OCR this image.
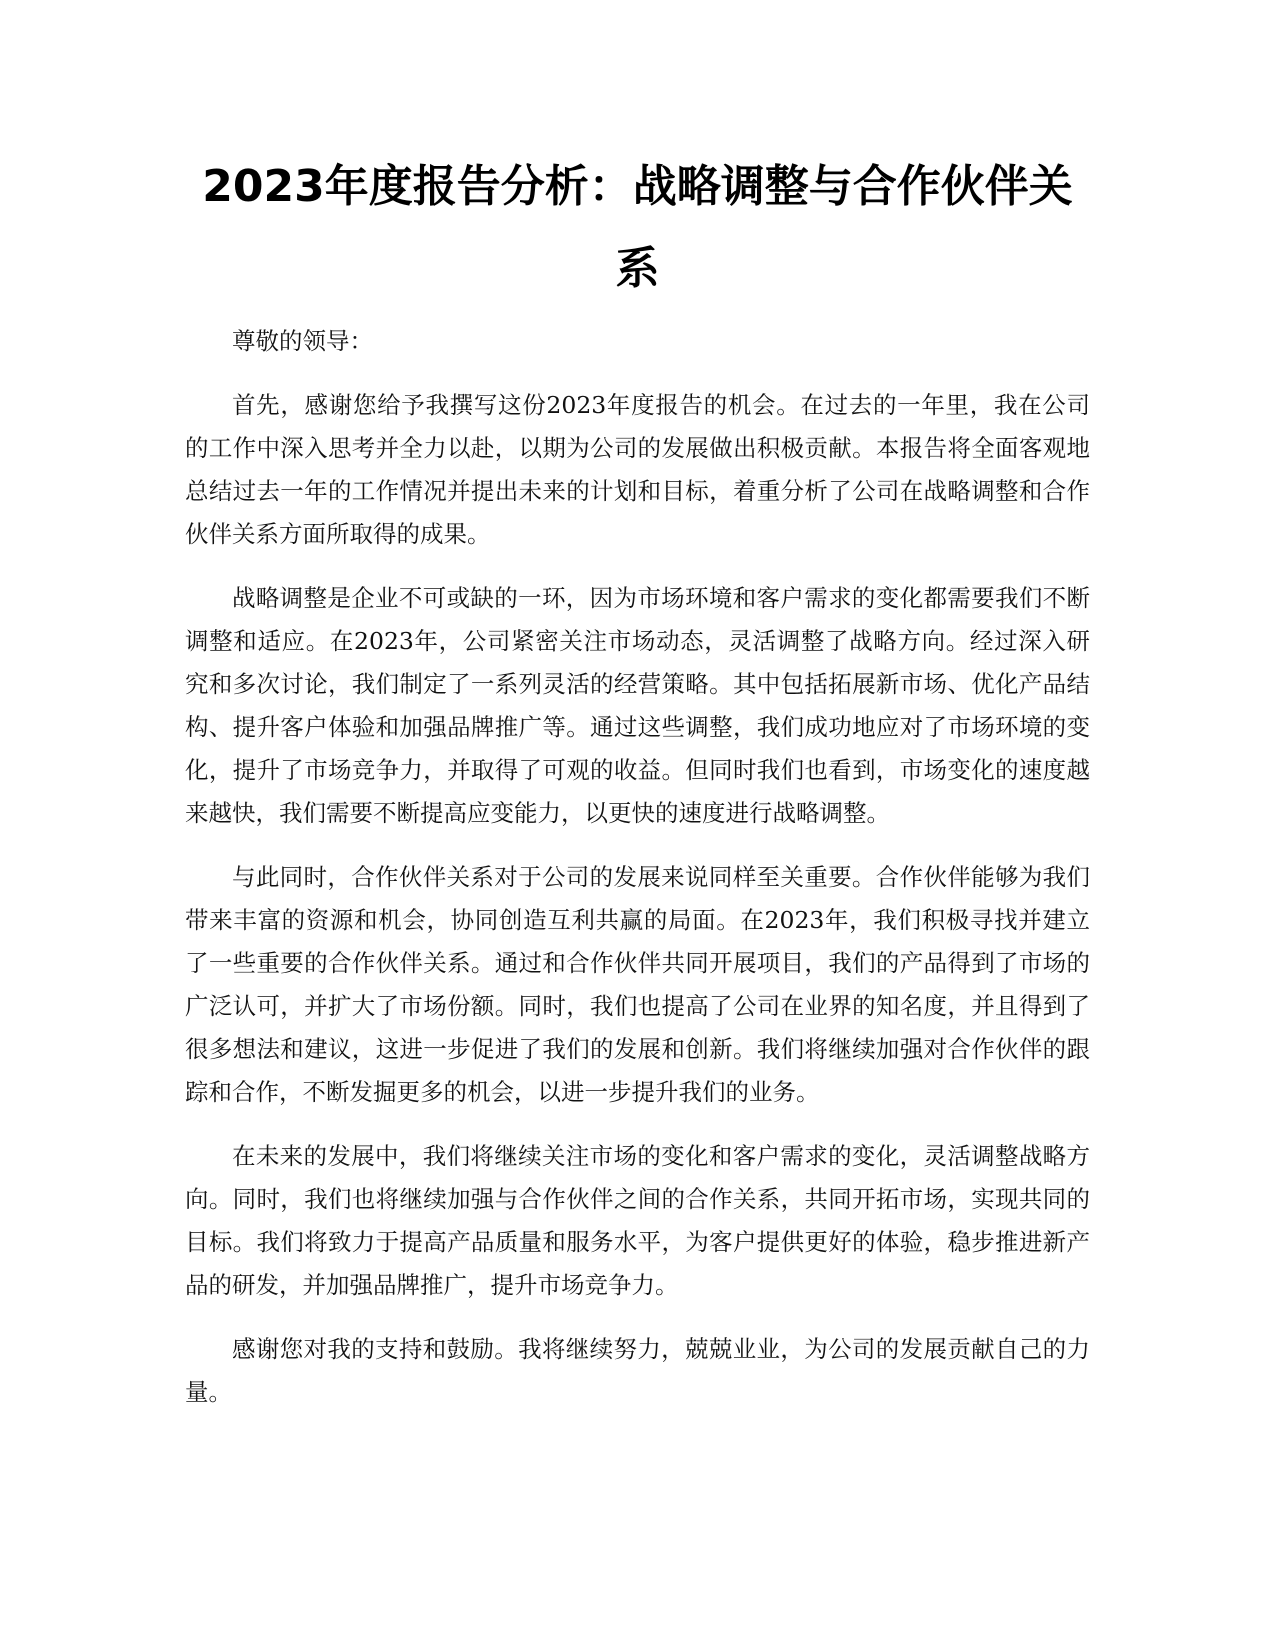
2023年度报告分析：战略调整与合作伙伴关系

尊敬的领导：

首先，感谢您给予我撰写这份2023年度报告的机会。在过去的一年里，我在公司的工作中深入思考并全力以赴，以期为公司的发展做出积极贡献。本报告将全面客观地总结过去一年的工作情况并提出未来的计划和目标，着重分析了公司在战略调整和合作伙伴关系方面所取得的成果。

战略调整是企业不可或缺的一环，因为市场环境和客户需求的变化都需要我们不断调整和适应。在2023年，公司紧密关注市场动态，灵活调整了战略方向。经过深入研究和多次讨论，我们制定了一系列灵活的经营策略。其中包括拓展新市场、优化产品结构、提升客户体验和加强品牌推广等。通过这些调整，我们成功地应对了市场环境的变化，提升了市场竞争力，并取得了可观的收益。但同时我们也看到，市场变化的速度越来越快，我们需要不断提高应变能力，以更快的速度进行战略调整。

与此同时，合作伙伴关系对于公司的发展来说同样至关重要。合作伙伴能够为我们带来丰富的资源和机会，协同创造互利共赢的局面。在2023年，我们积极寻找并建立了一些重要的合作伙伴关系。通过和合作伙伴共同开展项目，我们的产品得到了市场的广泛认可，并扩大了市场份额。同时，我们也提高了公司在业界的知名度，并且得到了很多想法和建议，这进一步促进了我们的发展和创新。我们将继续加强对合作伙伴的跟踪和合作，不断发掘更多的机会，以进一步提升我们的业务。

在未来的发展中，我们将继续关注市场的变化和客户需求的变化，灵活调整战略方向。同时，我们也将继续加强与合作伙伴之间的合作关系，共同开拓市场，实现共同的目标。我们将致力于提高产品质量和服务水平，为客户提供更好的体验，稳步推进新产品的研发，并加强品牌推广，提升市场竞争力。

感谢您对我的支持和鼓励。我将继续努力，兢兢业业，为公司的发展贡献自己的力量。
